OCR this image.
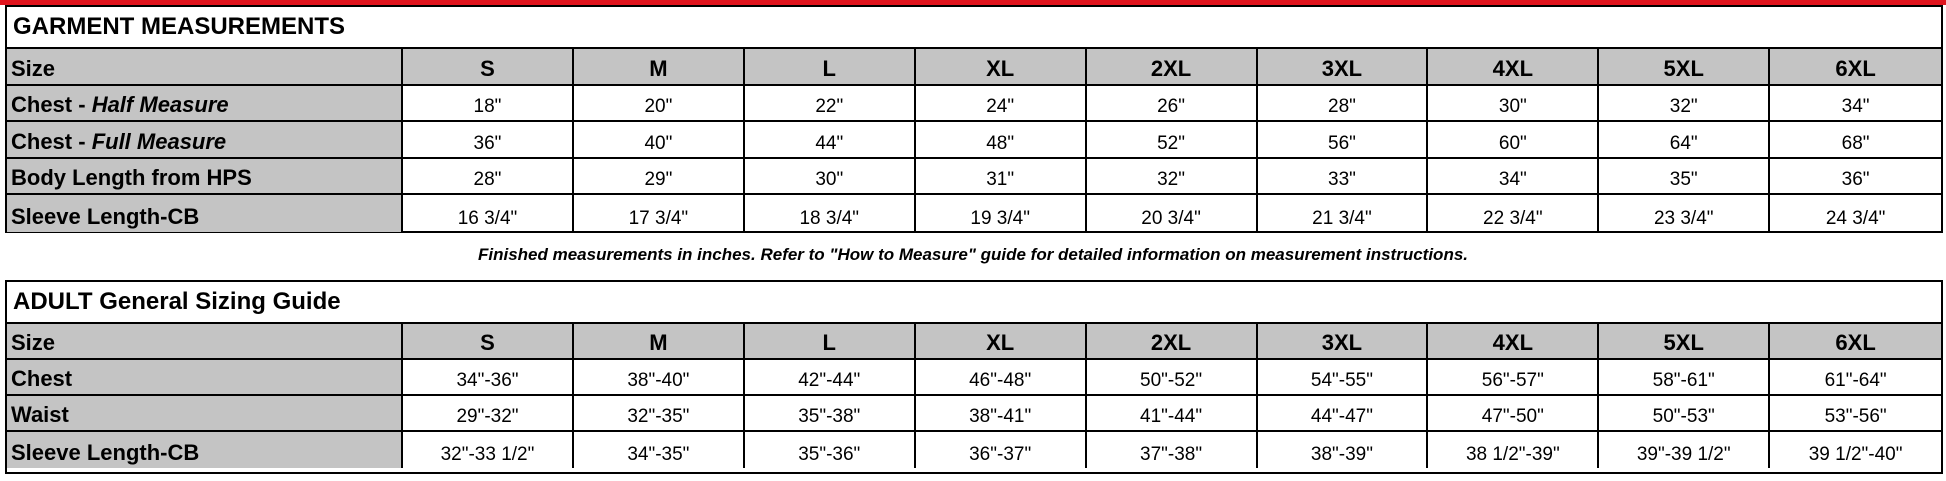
GARMENT MEASUREMENTS
Size	S	M	L	XL	2XL	3XL	4XL	5XL	6XL
Chest - Half Measure	18"	20"	22"	24"	26"	28"	30"	32"	34"
Chest - Full Measure	36"	40"	44"	48"	52"	56"	60"	64"	68"
Body Length from HPS	28"	29"	30"	31"	32"	33"	34"	35"	36"
Sleeve Length-CB	16 3/4"	17 3/4"	18 3/4"	19 3/4"	20 3/4"	21 3/4"	22 3/4"	23 3/4"	24 3/4"
Finished measurements in inches. Refer to "How to Measure" guide for detailed information on measurement instructions.
ADULT General Sizing Guide
Size	S	M	L	XL	2XL	3XL	4XL	5XL	6XL
Chest	34"-36"	38"-40"	42"-44"	46"-48"	50"-52"	54"-55"	56"-57"	58"-61"	61"-64"
Waist	29"-32"	32"-35"	35"-38"	38"-41"	41"-44"	44"-47"	47"-50"	50"-53"	53"-56"
Sleeve Length-CB	32"-33 1/2"	34"-35"	35"-36"	36"-37"	37"-38"	38"-39"	38 1/2"-39"	39"-39 1/2"	39 1/2"-40"
